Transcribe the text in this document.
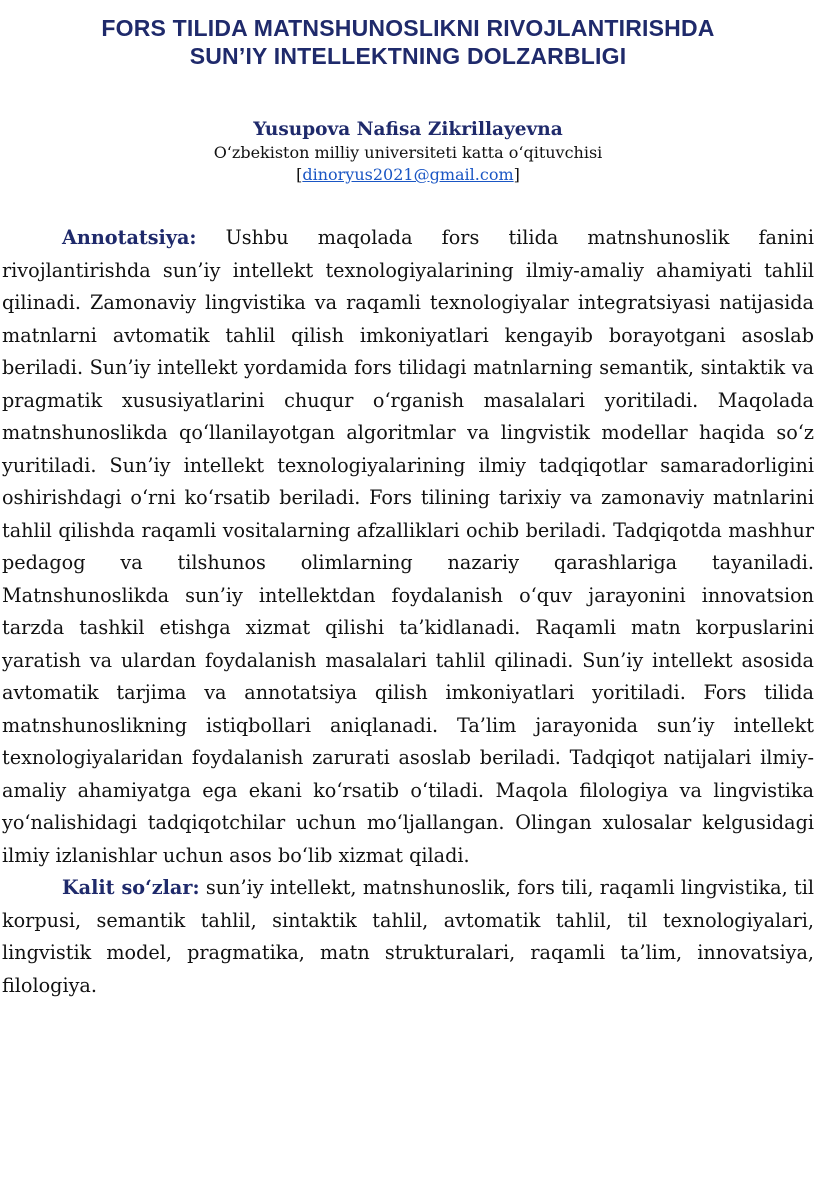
FORS TILIDA MATNSHUNOSLIKNI RIVOJLANTIRISHDA
SUN’IY INTELLEKTNING DOLZARBLIGI
Yusupova Nafisa Zikrillayevna
O‘zbekiston milliy universiteti katta o‘qituvchisi
[dinoryus2021@gmail.com]

Annotatsiya: Ushbu maqolada fors tilida matnshunoslik fanini rivojlantirishda sun’iy intellekt texnologiyalarining ilmiy-amaliy ahamiyati tahlil qilinadi. Zamonaviy lingvistika va raqamli texnologiyalar integratsiyasi natijasida matnlarni avtomatik tahlil qilish imkoniyatlari kengayib borayotgani asoslab beriladi. Sun’iy intellekt yordamida fors tilidagi matnlarning semantik, sintaktik va pragmatik xususiyatlarini chuqur o‘rganish masalalari yoritiladi. Maqolada matnshunoslikda qo‘llanilayotgan algoritmlar va lingvistik modellar haqida so‘z yuritiladi. Sun’iy intellekt texnologiyalarining ilmiy tadqiqotlar samaradorligini oshirishdagi o‘rni ko‘rsatib beriladi. Fors tilining tarixiy va zamonaviy matnlarini tahlil qilishda raqamli vositalarning afzalliklari ochib beriladi. Tadqiqotda mashhur pedagog va tilshunos olimlarning nazariy qarashlariga tayaniladi. Matnshunoslikda sun’iy intellektdan foydalanish o‘quv jarayonini innovatsion tarzda tashkil etishga xizmat qilishi ta’kidlanadi. Raqamli matn korpuslarini yaratish va ulardan foydalanish masalalari tahlil qilinadi. Sun’iy intellekt asosida avtomatik tarjima va annotatsiya qilish imkoniyatlari yoritiladi. Fors tilida matnshunoslikning istiqbollari aniqlanadi. Ta’lim jarayonida sun’iy intellekt texnologiyalaridan foydalanish zarurati asoslab beriladi. Tadqiqot natijalari ilmiy-amaliy ahamiyatga ega ekani ko‘rsatib o‘tiladi. Maqola filologiya va lingvistika yo‘nalishidagi tadqiqotchilar uchun mo‘ljallangan. Olingan xulosalar kelgusidagi ilmiy izlanishlar uchun asos bo‘lib xizmat qiladi.

Kalit so‘zlar: sun’iy intellekt, matnshunoslik, fors tili, raqamli lingvistika, til korpusi, semantik tahlil, sintaktik tahlil, avtomatik tahlil, til texnologiyalari, lingvistik model, pragmatika, matn strukturalari, raqamli ta’lim, innovatsiya, filologiya.
